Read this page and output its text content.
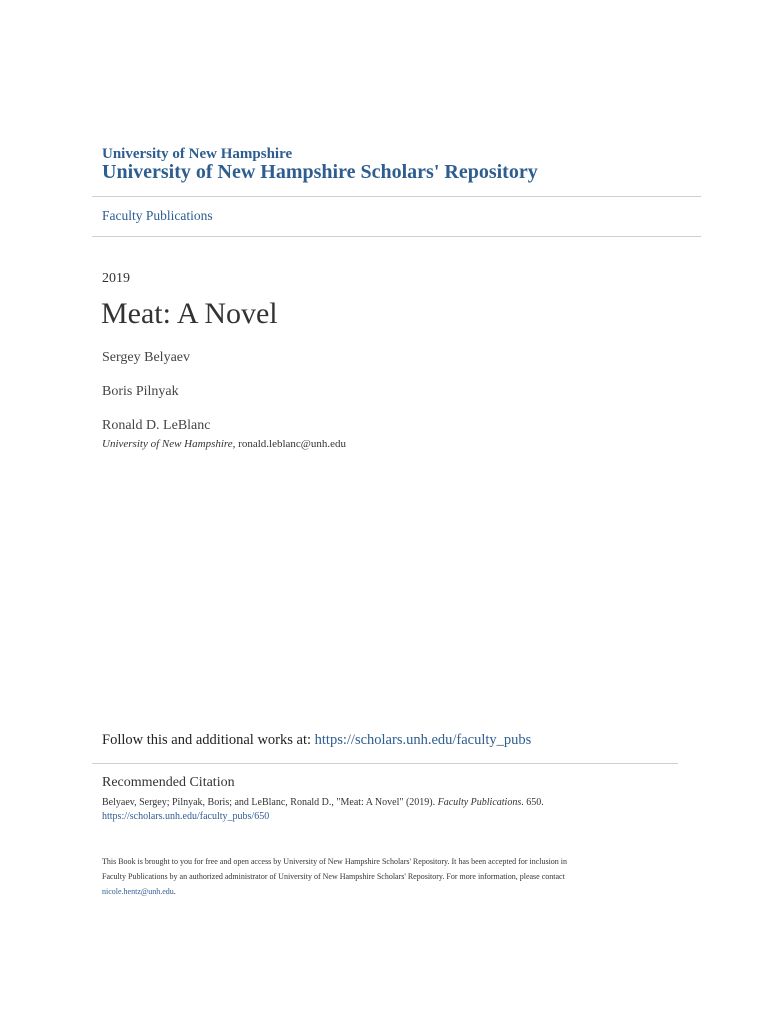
University of New Hampshire
University of New Hampshire Scholars' Repository
Faculty Publications
2019
Meat: A Novel
Sergey Belyaev
Boris Pilnyak
Ronald D. LeBlanc
University of New Hampshire, ronald.leblanc@unh.edu
Follow this and additional works at: https://scholars.unh.edu/faculty_pubs
Recommended Citation
Belyaev, Sergey; Pilnyak, Boris; and LeBlanc, Ronald D., "Meat: A Novel" (2019). Faculty Publications. 650.
https://scholars.unh.edu/faculty_pubs/650
This Book is brought to you for free and open access by University of New Hampshire Scholars' Repository. It has been accepted for inclusion in
Faculty Publications by an authorized administrator of University of New Hampshire Scholars' Repository. For more information, please contact
nicole.hentz@unh.edu.
